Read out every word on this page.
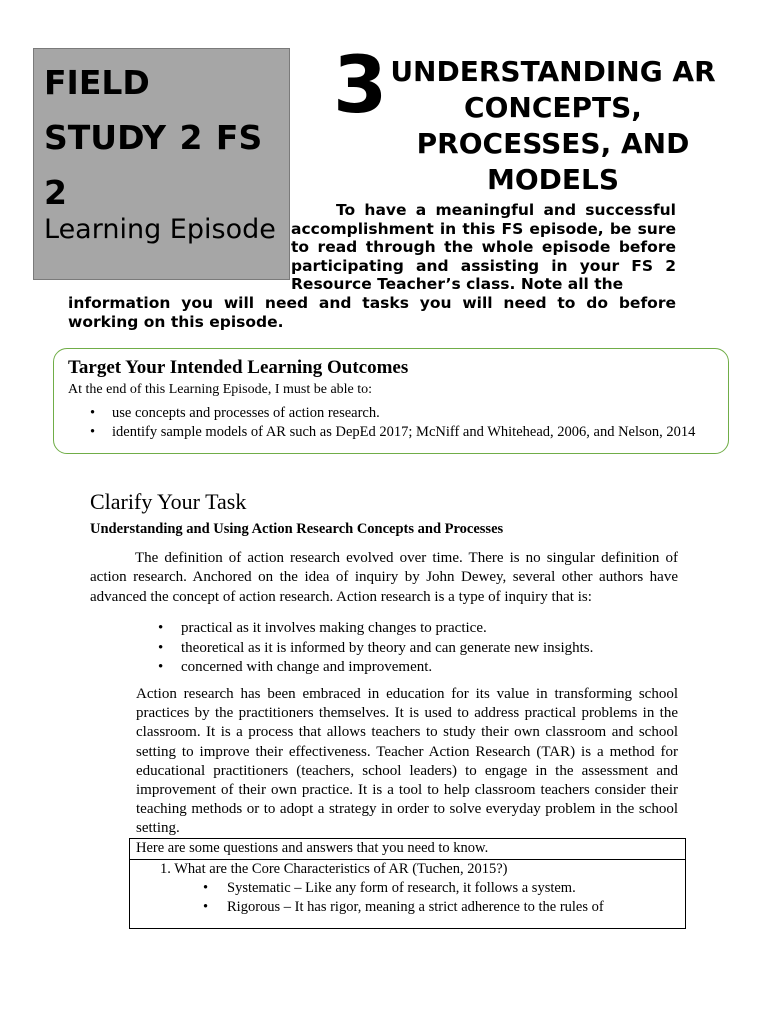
FIELD STUDY 2 FS 2
Learning Episode
3 UNDERSTANDING AR CONCEPTS, PROCESSES, AND MODELS
To have a meaningful and successful accomplishment in this FS episode, be sure to read through the whole episode before participating and assisting in your FS 2 Resource Teacher’s class. Note all the
information you will need and tasks you will need to do before working on this episode.
Target Your Intended Learning Outcomes
At the end of this Learning Episode, I must be able to:
• use concepts and processes of action research.
• identify sample models of AR such as DepEd 2017; McNiff and Whitehead, 2006, and Nelson, 2014
Clarify Your Task
Understanding and Using Action Research Concepts and Processes

The definition of action research evolved over time. There is no singular definition of action research. Anchored on the idea of inquiry by John Dewey, several other authors have advanced the concept of action research. Action research is a type of inquiry that is:

• practical as it involves making changes to practice.
• theoretical as it is informed by theory and can generate new insights.
• concerned with change and improvement.

Action research has been embraced in education for its value in transforming school practices by the practitioners themselves. It is used to address practical problems in the classroom. It is a process that allows teachers to study their own classroom and school setting to improve their effectiveness. Teacher Action Research (TAR) is a method for educational practitioners (teachers, school leaders) to engage in the assessment and improvement of their own practice. It is a tool to help classroom teachers consider their teaching methods or to adopt a strategy in order to solve everyday problem in the school setting.

Here are some questions and answers that you need to know.
1. What are the Core Characteristics of AR (Tuchen, 2015?)
• Systematic – Like any form of research, it follows a system.
• Rigorous – It has rigor, meaning a strict adherence to the rules of
